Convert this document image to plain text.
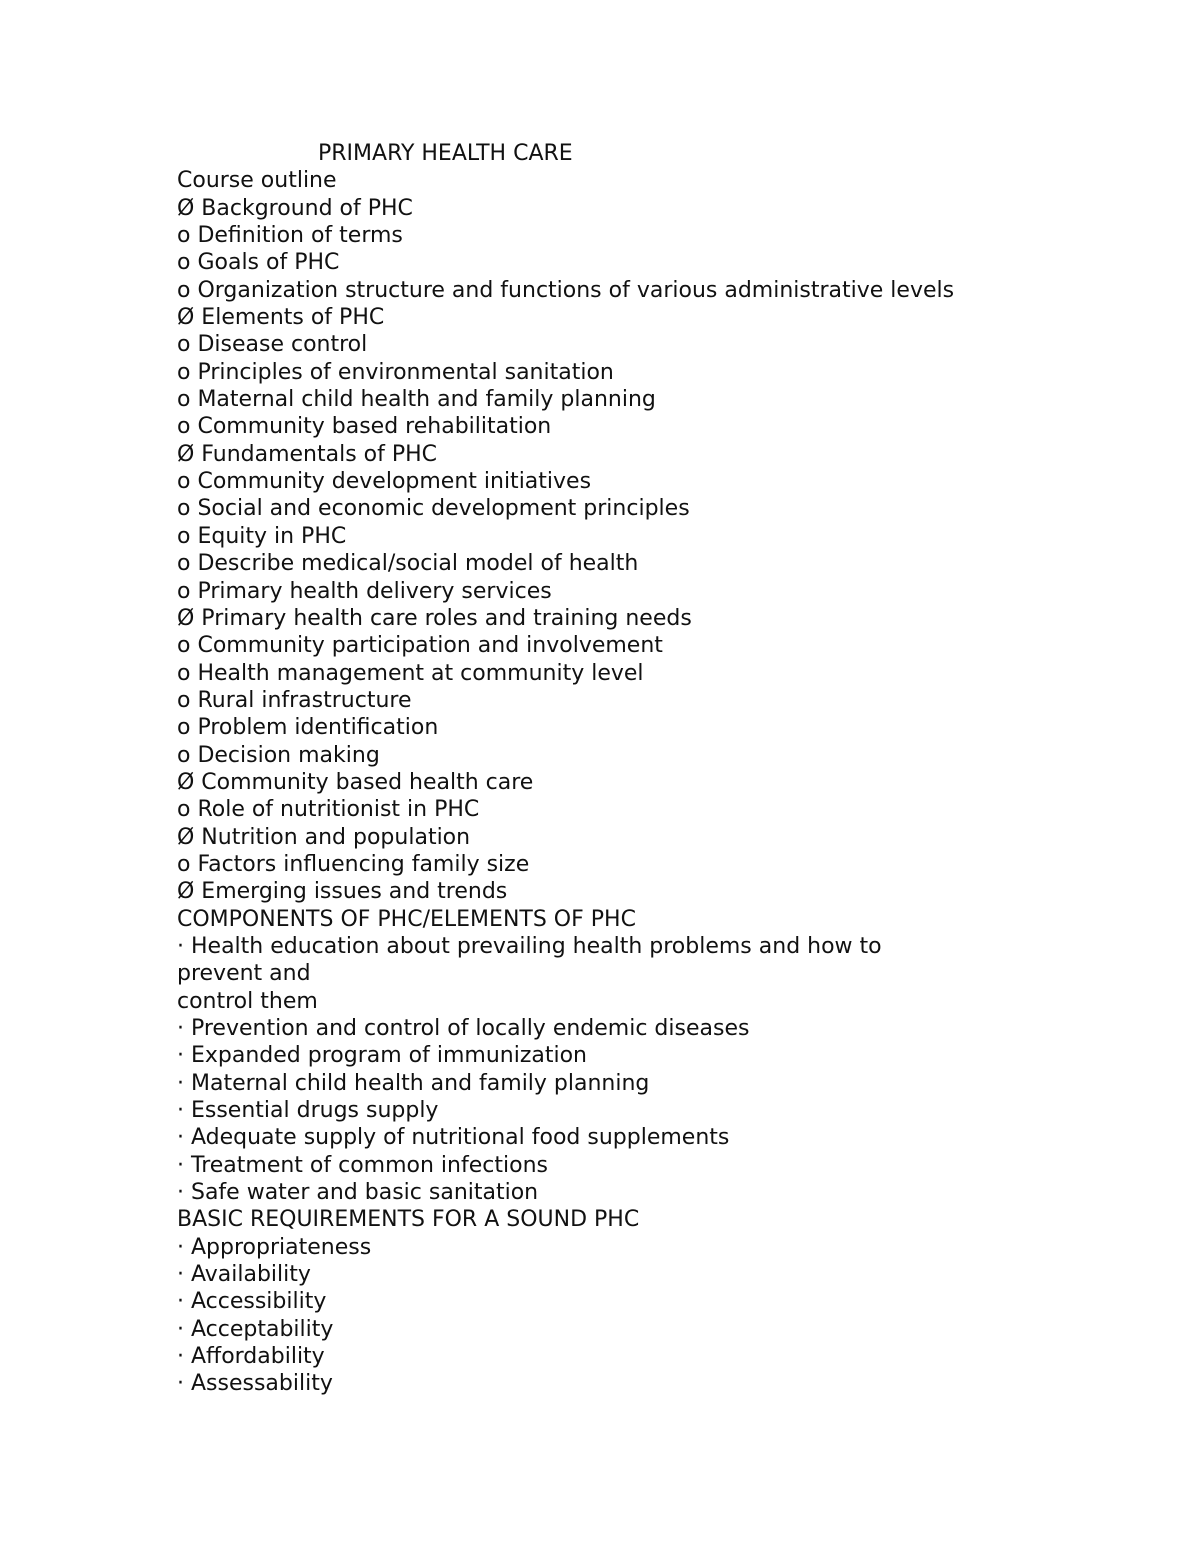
PRIMARY HEALTH CARE
Course outline
Ø Background of PHC
o Definition of terms
o Goals of PHC
o Organization structure and functions of various administrative levels
Ø Elements of PHC
o Disease control
o Principles of environmental sanitation
o Maternal child health and family planning
o Community based rehabilitation
Ø Fundamentals of PHC
o Community development initiatives
o Social and economic development principles
o Equity in PHC
o Describe medical/social model of health
o Primary health delivery services
Ø Primary health care roles and training needs
o Community participation and involvement
o Health management at community level
o Rural infrastructure
o Problem identification
o Decision making
Ø Community based health care
o Role of nutritionist in PHC
Ø Nutrition and population
o Factors influencing family size
Ø Emerging issues and trends
COMPONENTS OF PHC/ELEMENTS OF PHC
· Health education about prevailing health problems and how to
prevent and
control them
· Prevention and control of locally endemic diseases
· Expanded program of immunization
· Maternal child health and family planning
· Essential drugs supply
· Adequate supply of nutritional food supplements
· Treatment of common infections
· Safe water and basic sanitation
BASIC REQUIREMENTS FOR A SOUND PHC
· Appropriateness
· Availability
· Accessibility
· Acceptability
· Affordability
· Assessability
